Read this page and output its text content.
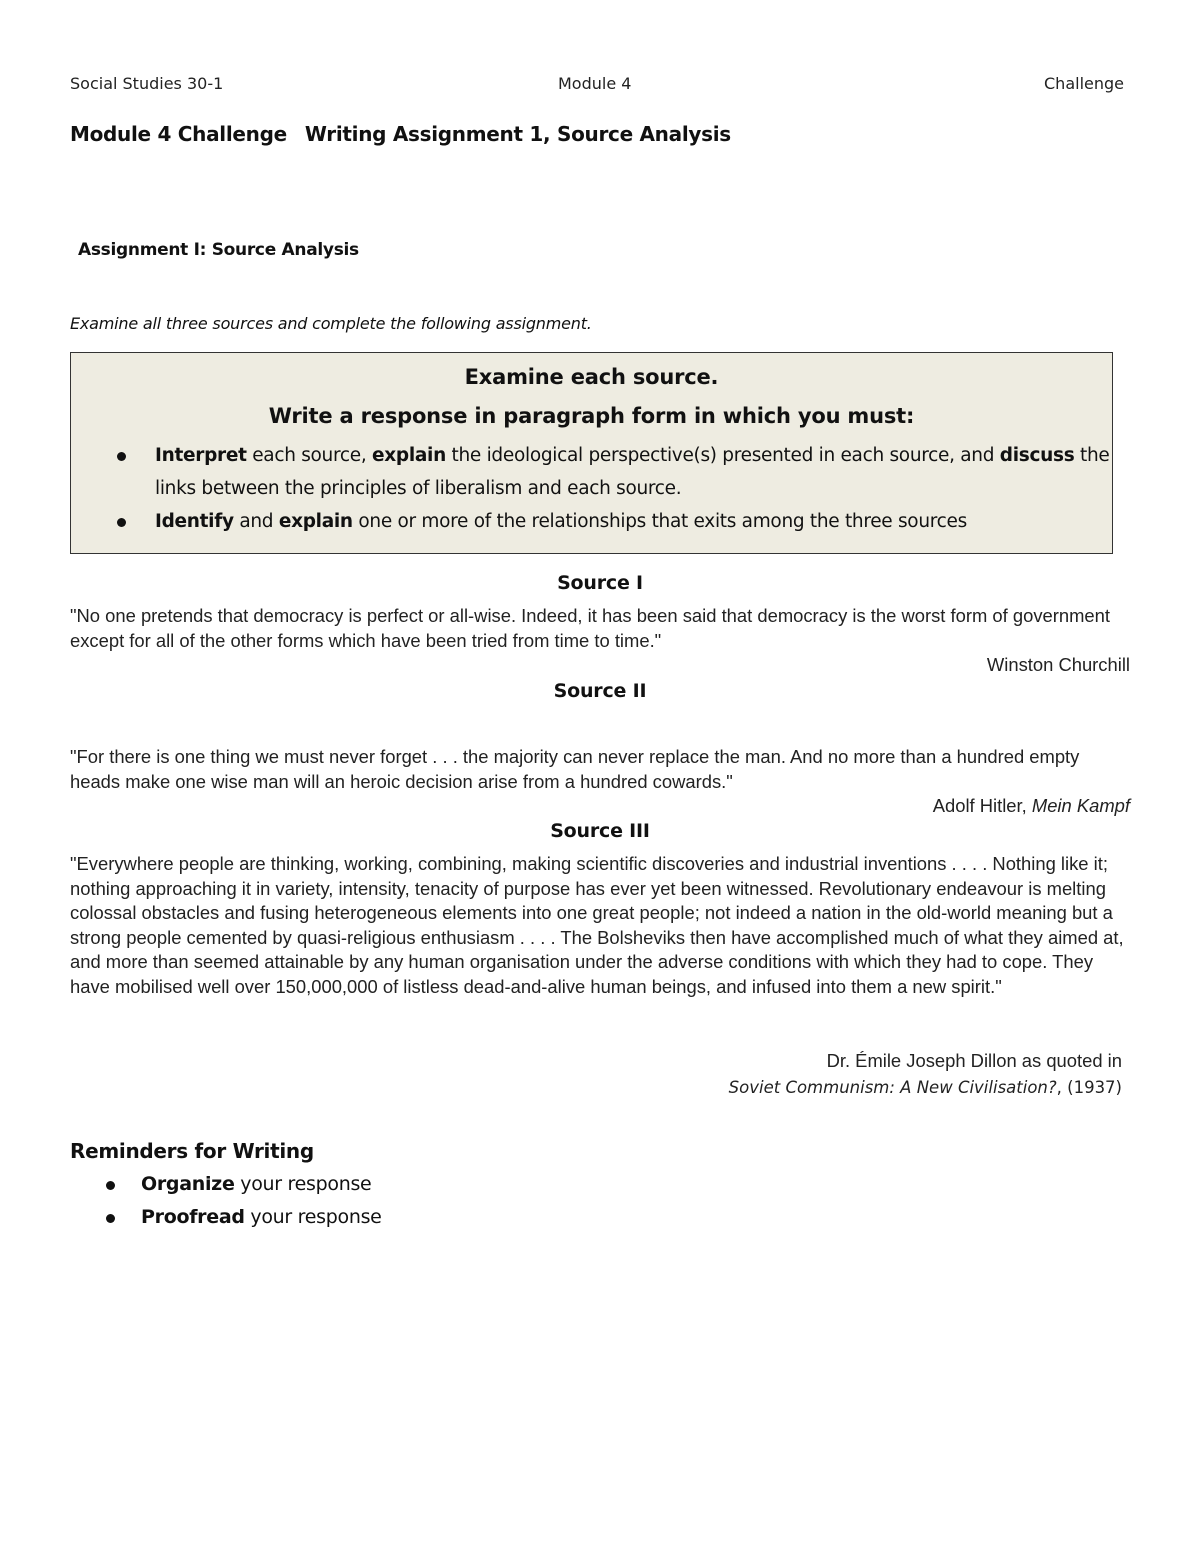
Social Studies 30-1	Module 4	Challenge
Module 4 Challenge Writing Assignment 1, Source Analysis
Assignment I: Source Analysis
Examine all three sources and complete the following assignment.
Examine each source.
Write a response in paragraph form in which you must:
Interpret each source, explain the ideological perspective(s) presented in each source, and discuss the links between the principles of liberalism and each source.
Identify and explain one or more of the relationships that exits among the three sources
Source I
"No one pretends that democracy is perfect or all-wise. Indeed, it has been said that democracy is the worst form of government except for all of the other forms which have been tried from time to time."
Winston Churchill
Source II
"For there is one thing we must never forget . . . the majority can never replace the man. And no more than a hundred empty heads make one wise man will an heroic decision arise from a hundred cowards."
Adolf Hitler, Mein Kampf
Source III
"Everywhere people are thinking, working, combining, making scientific discoveries and industrial inventions . . . . Nothing like it; nothing approaching it in variety, intensity, tenacity of purpose has ever yet been witnessed. Revolutionary endeavour is melting colossal obstacles and fusing heterogeneous elements into one great people; not indeed a nation in the old-world meaning but a strong people cemented by quasi-religious enthusiasm . . . . The Bolsheviks then have accomplished much of what they aimed at, and more than seemed attainable by any human organisation under the adverse conditions with which they had to cope. They have mobilised well over 150,000,000 of listless dead-and-alive human beings, and infused into them a new spirit."
Dr. Émile Joseph Dillon as quoted in
Soviet Communism: A New Civilisation?, (1937)
Reminders for Writing
Organize your response
Proofread your response
